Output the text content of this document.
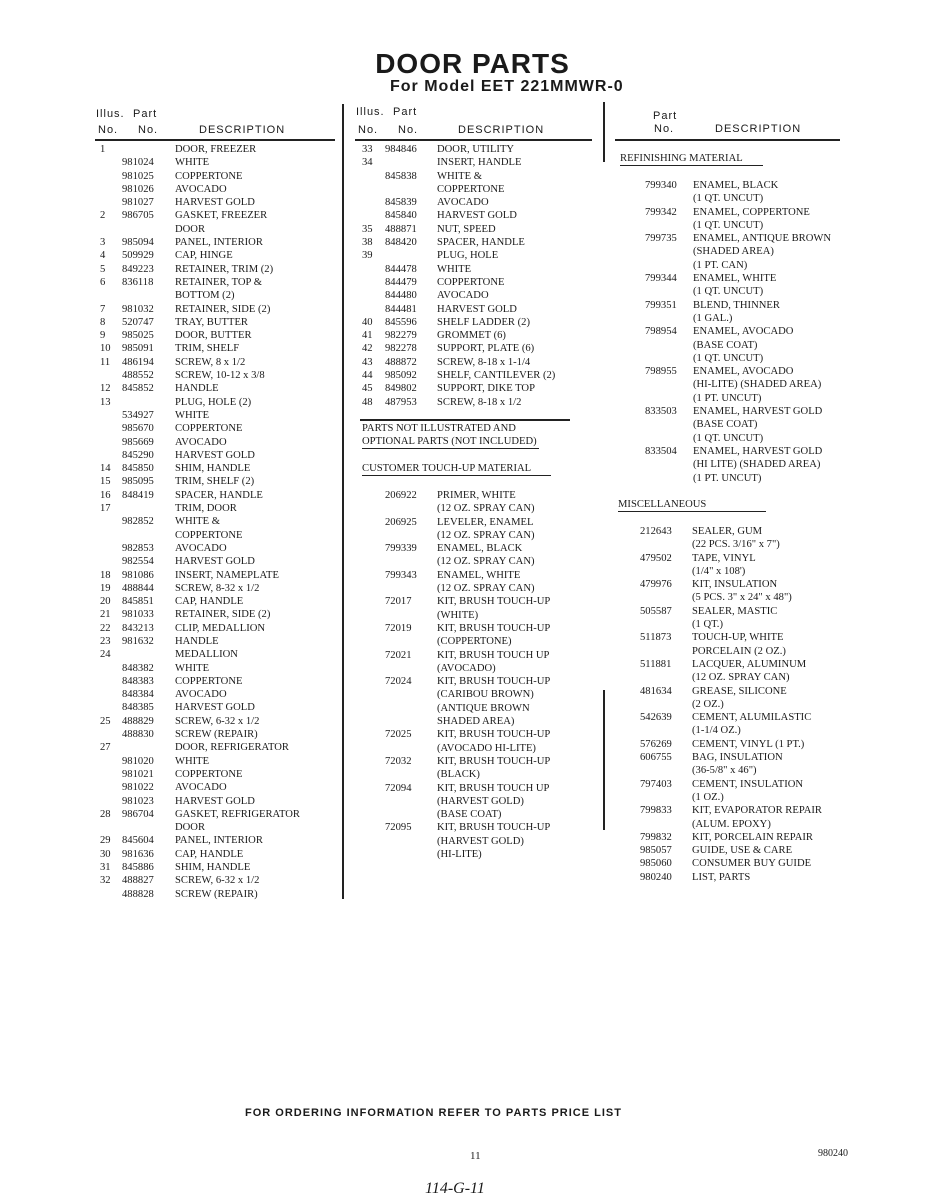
DOOR PARTS
For Model EET 221MMWR-0
Illus. Part
No. No.	DESCRIPTION
Illus. Part
No. No.	DESCRIPTION
Part
No.	DESCRIPTION
1	DOOR, FREEZER
981024 WHITE
981025 COPPERTONE
981026 AVOCADO
981027 HARVEST GOLD
2 986705 GASKET, FREEZER
DOOR
3 985094 PANEL, INTERIOR
4 509929 CAP, HINGE
5 849223 RETAINER, TRIM (2)
6 836118 RETAINER, TOP &
BOTTOM (2)
7 981032 RETAINER, SIDE (2)
8 520747 TRAY, BUTTER
9 985025 DOOR, BUTTER
10 985091 TRIM, SHELF
11 486194 SCREW, 8 x 1/2
488552 SCREW, 10-12 x 3/8
12 845852 HANDLE
13	PLUG, HOLE (2)
534927 WHITE
985670 COPPERTONE
985669 AVOCADO
845290 HARVEST GOLD
14 845850 SHIM, HANDLE
15 985095 TRIM, SHELF (2)
16 848419 SPACER, HANDLE
17	TRIM, DOOR
982852 WHITE &
COPPERTONE
982853 AVOCADO
982554 HARVEST GOLD
18 981086 INSERT, NAMEPLATE
19 488844 SCREW, 8-32 x 1/2
20 845851 CAP, HANDLE
21 981033 RETAINER, SIDE (2)
22 843213 CLIP, MEDALLION
23 981632 HANDLE
24	MEDALLION
848382 WHITE
848383 COPPERTONE
848384 AVOCADO
848385 HARVEST GOLD
25 488829 SCREW, 6-32 x 1/2
488830 SCREW (REPAIR)
27	DOOR, REFRIGERATOR
981020 WHITE
981021 COPPERTONE
981022 AVOCADO
981023 HARVEST GOLD
28 986704 GASKET, REFRIGERATOR
DOOR
29 845604 PANEL, INTERIOR
30 981636 CAP, HANDLE
31 845886 SHIM, HANDLE
32 488827 SCREW, 6-32 x 1/2
488828 SCREW (REPAIR)
33 984846 DOOR, UTILITY
34	INSERT, HANDLE
845838 WHITE &
COPPERTONE
845839 AVOCADO
845840 HARVEST GOLD
35 488871 NUT, SPEED
38 848420 SPACER, HANDLE
39	PLUG, HOLE
844478 WHITE
844479 COPPERTONE
844480 AVOCADO
844481 HARVEST GOLD
40 845596 SHELF LADDER (2)
41 982279 GROMMET (6)
42 982278 SUPPORT, PLATE (6)
43 488872 SCREW, 8-18 x 1-1/4
44 985092 SHELF, CANTILEVER (2)
45 849802 SUPPORT, DIKE TOP
48 487953 SCREW, 8-18 x 1/2
PARTS NOT ILLUSTRATED AND
OPTIONAL PARTS (NOT INCLUDED)
CUSTOMER TOUCH-UP MATERIAL
206922 PRIMER, WHITE
(12 OZ. SPRAY CAN)
206925 LEVELER, ENAMEL
(12 OZ. SPRAY CAN)
799339 ENAMEL, BLACK
(12 OZ. SPRAY CAN)
799343 ENAMEL, WHITE
(12 OZ. SPRAY CAN)
72017 KIT, BRUSH TOUCH-UP
(WHITE)
72019 KIT, BRUSH TOUCH-UP
(COPPERTONE)
72021 KIT, BRUSH TOUCH UP
(AVOCADO)
72024 KIT, BRUSH TOUCH-UP
(CARIBOU BROWN)
(ANTIQUE BROWN
SHADED AREA)
72025 KIT, BRUSH TOUCH-UP
(AVOCADO HI-LITE)
72032 KIT, BRUSH TOUCH-UP
(BLACK)
72094 KIT, BRUSH TOUCH UP
(HARVEST GOLD)
(BASE COAT)
72095 KIT, BRUSH TOUCH-UP
(HARVEST GOLD)
(HI-LITE)
REFINISHING MATERIAL
799340 ENAMEL, BLACK
(1 QT. UNCUT)
799342 ENAMEL, COPPERTONE
(1 QT. UNCUT)
799735 ENAMEL, ANTIQUE BROWN
(SHADED AREA)
(1 PT. CAN)
799344 ENAMEL, WHITE
(1 QT. UNCUT)
799351 BLEND, THINNER
(1 GAL.)
798954 ENAMEL, AVOCADO
(BASE COAT)
(1 QT. UNCUT)
798955 ENAMEL, AVOCADO
(HI-LITE) (SHADED AREA)
(1 PT. UNCUT)
833503 ENAMEL, HARVEST GOLD
(BASE COAT)
(1 QT. UNCUT)
833504 ENAMEL, HARVEST GOLD
(HI LITE) (SHADED AREA)
(1 PT. UNCUT)
MISCELLANEOUS
212643 SEALER, GUM
(22 PCS. 3/16" x 7")
479502 TAPE, VINYL
(1/4" x 108')
479976 KIT, INSULATION
(5 PCS. 3" x 24" x 48")
505587 SEALER, MASTIC
(1 QT.)
511873 TOUCH-UP, WHITE
PORCELAIN (2 OZ.)
511881 LACQUER, ALUMINUM
(12 OZ. SPRAY CAN)
481634 GREASE, SILICONE
(2 OZ.)
542639 CEMENT, ALUMILASTIC
(1-1/4 OZ.)
576269 CEMENT, VINYL (1 PT.)
606755 BAG, INSULATION
(36-5/8" x 46")
797403 CEMENT, INSULATION
(1 OZ.)
799833 KIT, EVAPORATOR REPAIR
(ALUM. EPOXY)
799832 KIT, PORCELAIN REPAIR
985057 GUIDE, USE & CARE
985060 CONSUMER BUY GUIDE
980240 LIST, PARTS
FOR ORDERING INFORMATION REFER TO PARTS PRICE LIST
11	980240
114-G-11
